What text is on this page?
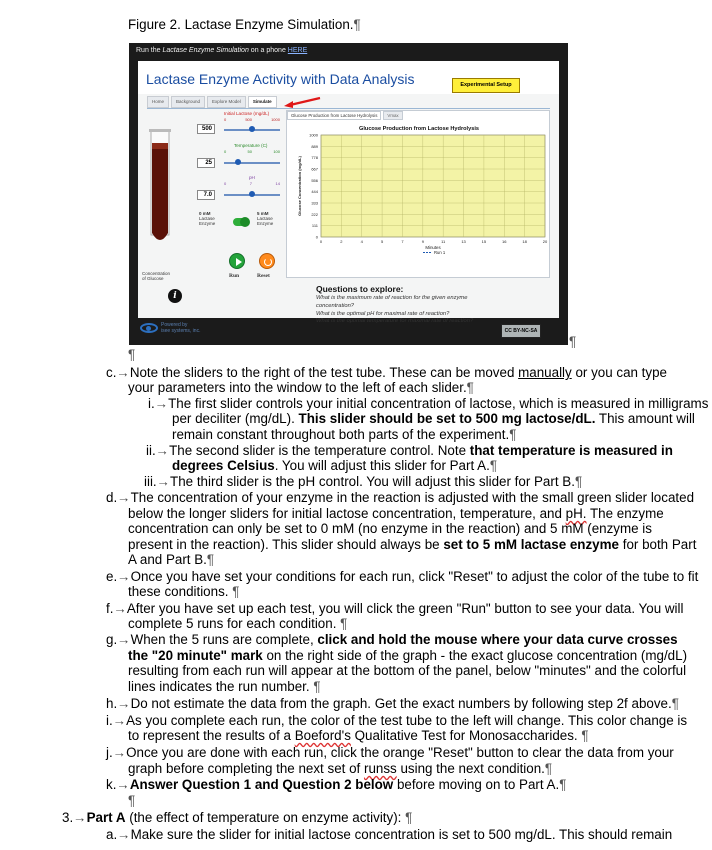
Figure 2. Lactase Enzyme Simulation.¶
Run the Lactase Enzyme Simulation on a phone HERE
Lactase Enzyme Activity with Data Analysis	Experimental Setup
Home	Background	Explore Model	Simulate
Concentration
of Glucose
i
Initial Lactose (mg/dL)
0	500	1000
500
Temperature (C)
0	50	100
25
pH
0	7	14
7.0
0 mM
Lactase
Enzyme
5 mM
Lactase
Enzyme
Run	Reset
Glucose Production from Lactose Hydrolysis	Vmax
Glucose Production from Lactose Hydrolysis
0
111
222
333
444
556
667
778
889
1000
0	2	4	5	7	9	11	13	15	16	18	20
Glucose Concentration (mg/dL)
Minutes
Run 1
Questions to explore:
What is the maximum rate of reaction for the given enzyme
concentration?
What is the optimal pH for maximal rate of reaction?
What is the optimal temperature for maximal rate of reaction?
Powered by
isee systems, inc.	CC BY-NC-SA
¶
¶
c.→Note the sliders to the right of the test tube. These can be moved manually or you can type
your parameters into the window to the left of each slider.¶
i.→The first slider controls your initial concentration of lactose, which is measured in milligrams
per deciliter (mg/dL). This slider should be set to 500 mg lactose/dL. This amount will
remain constant throughout both parts of the experiment.¶
ii.→The second slider is the temperature control. Note that temperature is measured in
degrees Celsius. You will adjust this slider for Part A.¶
iii.→The third slider is the pH control. You will adjust this slider for Part B.¶
d.→The concentration of your enzyme in the reaction is adjusted with the small green slider located
below the longer sliders for initial lactose concentration, temperature, and pH. The enzyme
concentration can only be set to 0 mM (no enzyme in the reaction) and 5 mM (enzyme is
present in the reaction). This slider should always be set to 5 mM lactase enzyme for both Part
A and Part B.¶
e.→Once you have set your conditions for each run, click "Reset" to adjust the color of the tube to fit
these conditions. ¶
f.→After you have set up each test, you will click the green "Run" button to see your data. You will
complete 5 runs for each condition. ¶
g.→When the 5 runs are complete, click and hold the mouse where your data curve crosses
the "20 minute" mark on the right side of the graph - the exact glucose concentration (mg/dL)
resulting from each run will appear at the bottom of the panel, below "minutes" and the colorful
lines indicates the run number. ¶
h.→Do not estimate the data from the graph. Get the exact numbers by following step 2f above.¶
i.→As you complete each run, the color of the test tube to the left will change. This color change is
to represent the results of a Boeford's Qualitative Test for Monosaccharides. ¶
j.→Once you are done with each run, click the orange "Reset" button to clear the data from your
graph before completing the next set of runss using the next condition.¶
k.→Answer Question 1 and Question 2 below before moving on to Part A.¶
¶
3.→Part A (the effect of temperature on enzyme activity): ¶
a.→Make sure the slider for initial lactose concentration is set to 500 mg/dL. This should remain
